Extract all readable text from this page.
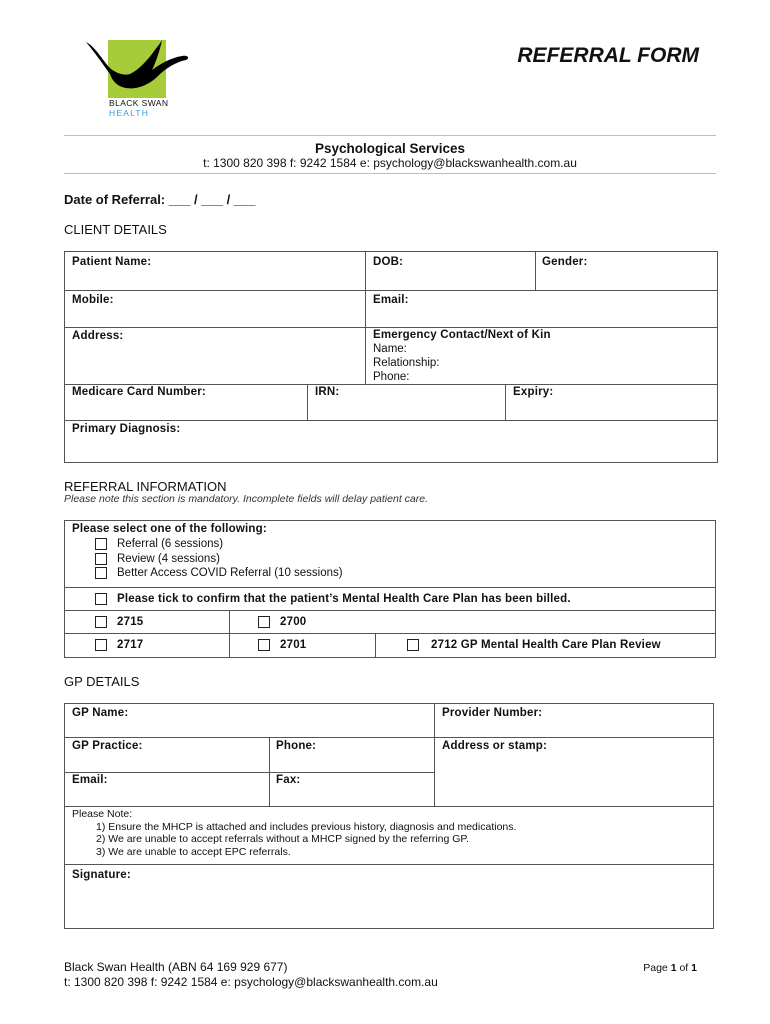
BLACK SWAN
HEALTH
REFERRAL FORM
Psychological Services
t: 1300 820 398 f: 9242 1584 e: psychology@blackswanhealth.com.au
Date of Referral: ___ / ___ / ___
CLIENT DETAILS
Patient Name:	DOB:	Gender:
Mobile:	Email:
Address:	Emergency Contact/Next of Kin
Name:
Relationship:
Phone:
Medicare Card Number:	IRN:	Expiry:
Primary Diagnosis:
REFERRAL INFORMATION
Please note this section is mandatory. Incomplete fields will delay patient care.
Please select one of the following:
Referral (6 sessions)
Review (4 sessions)
Better Access COVID Referral (10 sessions)
Please tick to confirm that the patient’s Mental Health Care Plan has been billed.
2715	2700
2717	2701	2712 GP Mental Health Care Plan Review
GP DETAILS
GP Name:	Provider Number:
GP Practice:	Phone:	Address or stamp:
Email:	Fax:
Please Note:
1) Ensure the MHCP is attached and includes previous history, diagnosis and medications.
2) We are unable to accept referrals without a MHCP signed by the referring GP.
3) We are unable to accept EPC referrals.
Signature:
Black Swan Health (ABN 64 169 929 677)
t: 1300 820 398 f: 9242 1584 e: psychology@blackswanhealth.com.au
Page 1 of 1
